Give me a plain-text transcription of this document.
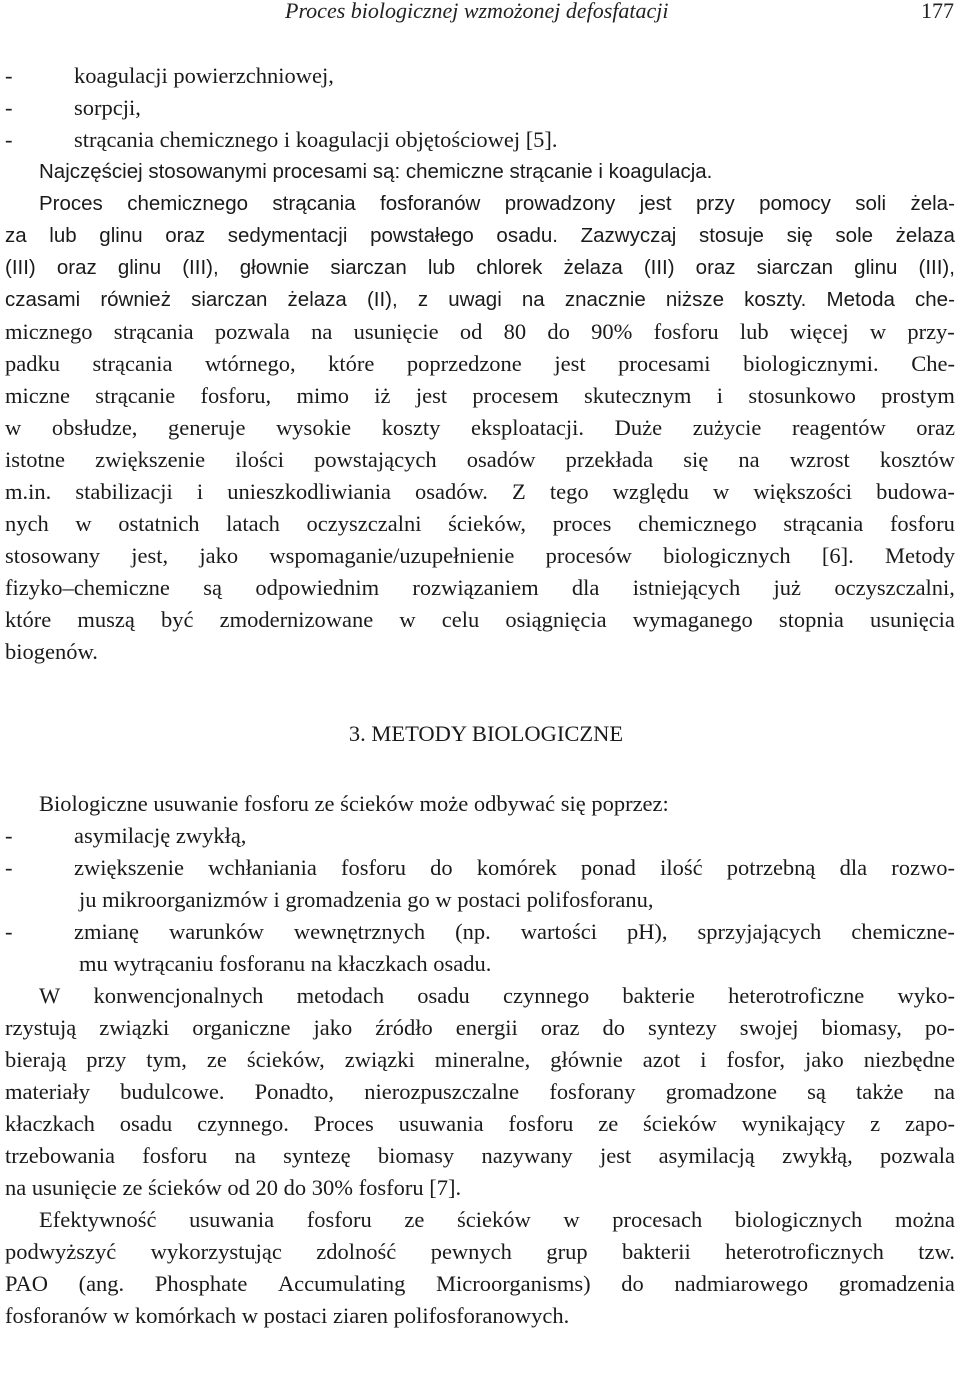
Proces biologicznej wzmożonej defosfatacji	177
-	koagulacji powierzchniowej,
-	sorpcji,
-	strącania chemicznego i koagulacji objętościowej [5].
Najczęściej stosowanymi procesami są: chemiczne strącanie i koagulacja.
Proces chemicznego strącania fosforanów prowadzony jest przy pomocy soli żela-
za lub glinu oraz sedymentacji powstałego osadu. Zazwyczaj stosuje się sole żelaza
(III) oraz glinu (III), głownie siarczan lub chlorek żelaza (III) oraz siarczan glinu (III),
czasami również siarczan żelaza (II), z uwagi na znacznie niższe koszty. Metoda che-
micznego strącania pozwala na usunięcie od 80 do 90% fosforu lub więcej w przy-
padku strącania wtórnego, które poprzedzone jest procesami biologicznymi. Che-
miczne strącanie fosforu, mimo iż jest procesem skutecznym i stosunkowo prostym
w obsłudze, generuje wysokie koszty eksploatacji. Duże zużycie reagentów oraz
istotne zwiększenie ilości powstających osadów przekłada się na wzrost kosztów
m.in. stabilizacji i unieszkodliwiania osadów. Z tego względu w większości budowa-
nych w ostatnich latach oczyszczalni ścieków, proces chemicznego strącania fosforu
stosowany jest, jako wspomaganie/uzupełnienie procesów biologicznych [6]. Metody
fizyko–chemiczne są odpowiednim rozwiązaniem dla istniejących już oczyszczalni,
które muszą być zmodernizowane w celu osiągnięcia wymaganego stopnia usunięcia
biogenów.
3. METODY BIOLOGICZNE
Biologiczne usuwanie fosforu ze ścieków może odbywać się poprzez:
-	asymilację zwykłą,
-	zwiększenie wchłaniania fosforu do komórek ponad ilość potrzebną dla rozwo-
ju mikroorganizmów i gromadzenia go w postaci polifosforanu,
-	zmianę warunków wewnętrznych (np. wartości pH), sprzyjających chemiczne-
mu wytrącaniu fosforanu na kłaczkach osadu.
W konwencjonalnych metodach osadu czynnego bakterie heterotroficzne wyko-
rzystują związki organiczne jako źródło energii oraz do syntezy swojej biomasy, po-
bierają przy tym, ze ścieków, związki mineralne, głównie azot i fosfor, jako niezbędne
materiały budulcowe. Ponadto, nierozpuszczalne fosforany gromadzone są także na
kłaczkach osadu czynnego. Proces usuwania fosforu ze ścieków wynikający z zapo-
trzebowania fosforu na syntezę biomasy nazywany jest asymilacją zwykłą, pozwala
na usunięcie ze ścieków od 20 do 30% fosforu [7].
Efektywność usuwania fosforu ze ścieków w procesach biologicznych można
podwyższyć wykorzystując zdolność pewnych grup bakterii heterotroficznych tzw.
PAO (ang. Phosphate Accumulating Microorganisms) do nadmiarowego gromadzenia
fosforanów w komórkach w postaci ziaren polifosforanowych.
